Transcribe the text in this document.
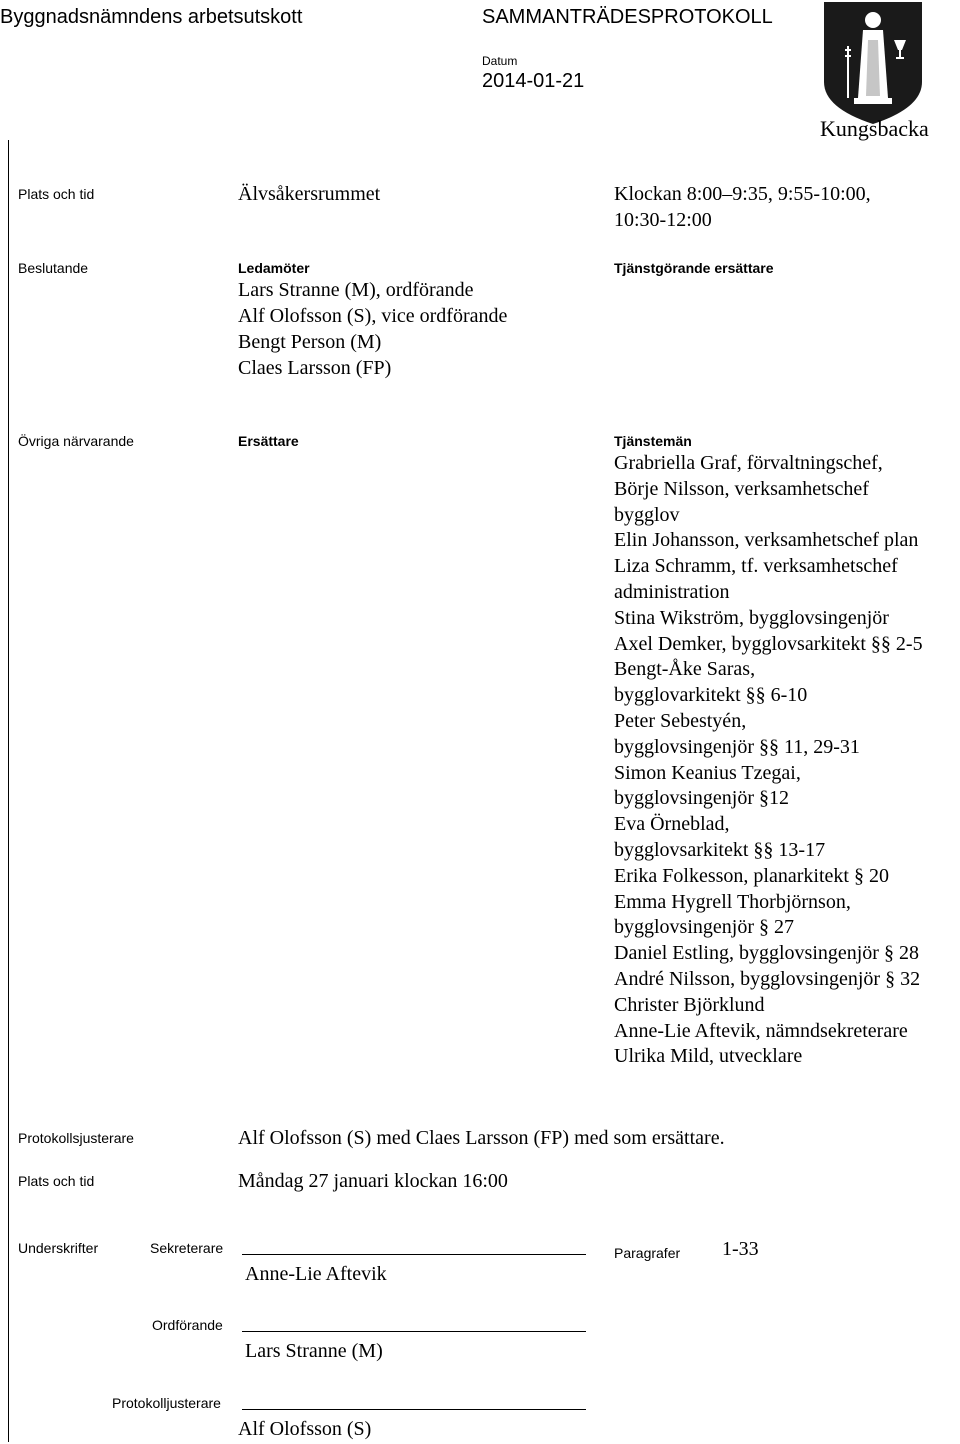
Byggnadsnämndens arbetsutskott	SAMMANTRÄDESPROTOKOLL
Datum
2014-01-21
Kungsbacka
Plats och tid	Älvsåkersrummet	Klockan 8:00–9:35, 9:55-10:00,
10:30-12:00
Beslutande	Ledamöter
Lars Stranne (M), ordförande
Alf Olofsson (S), vice ordförande
Bengt Person (M)
Claes Larsson (FP)
Tjänstgörande ersättare
Övriga närvarande	Ersättare	Tjänstemän
Grabriella Graf, förvaltningschef,
Börje Nilsson, verksamhetschef
bygglov
Elin Johansson, verksamhetschef plan
Liza Schramm, tf. verksamhetschef
administration
Stina Wikström, bygglovsingenjör
Axel Demker, bygglovsarkitekt §§ 2-5
Bengt-Åke Saras,
bygglovarkitekt §§ 6-10
Peter Sebestyén,
bygglovsingenjör §§ 11, 29-31
Simon Keanius Tzegai,
bygglovsingenjör §12
Eva Örneblad,
bygglovsarkitekt §§ 13-17
Erika Folkesson, planarkitekt § 20
Emma Hygrell Thorbjörnson,
bygglovsingenjör § 27
Daniel Estling, bygglovsingenjör § 28
André Nilsson, bygglovsingenjör § 32
Christer Björklund
Anne-Lie Aftevik, nämndsekreterare
Ulrika Mild, utvecklare
Protokollsjusterare	Alf Olofsson (S) med Claes Larsson (FP) med som ersättare.
Plats och tid	Måndag 27 januari klockan 16:00
Underskrifter	Sekreterare
Anne-Lie Aftevik
Paragrafer 1-33
Ordförande
Lars Stranne (M)
Protokolljusterare
Alf Olofsson (S)
